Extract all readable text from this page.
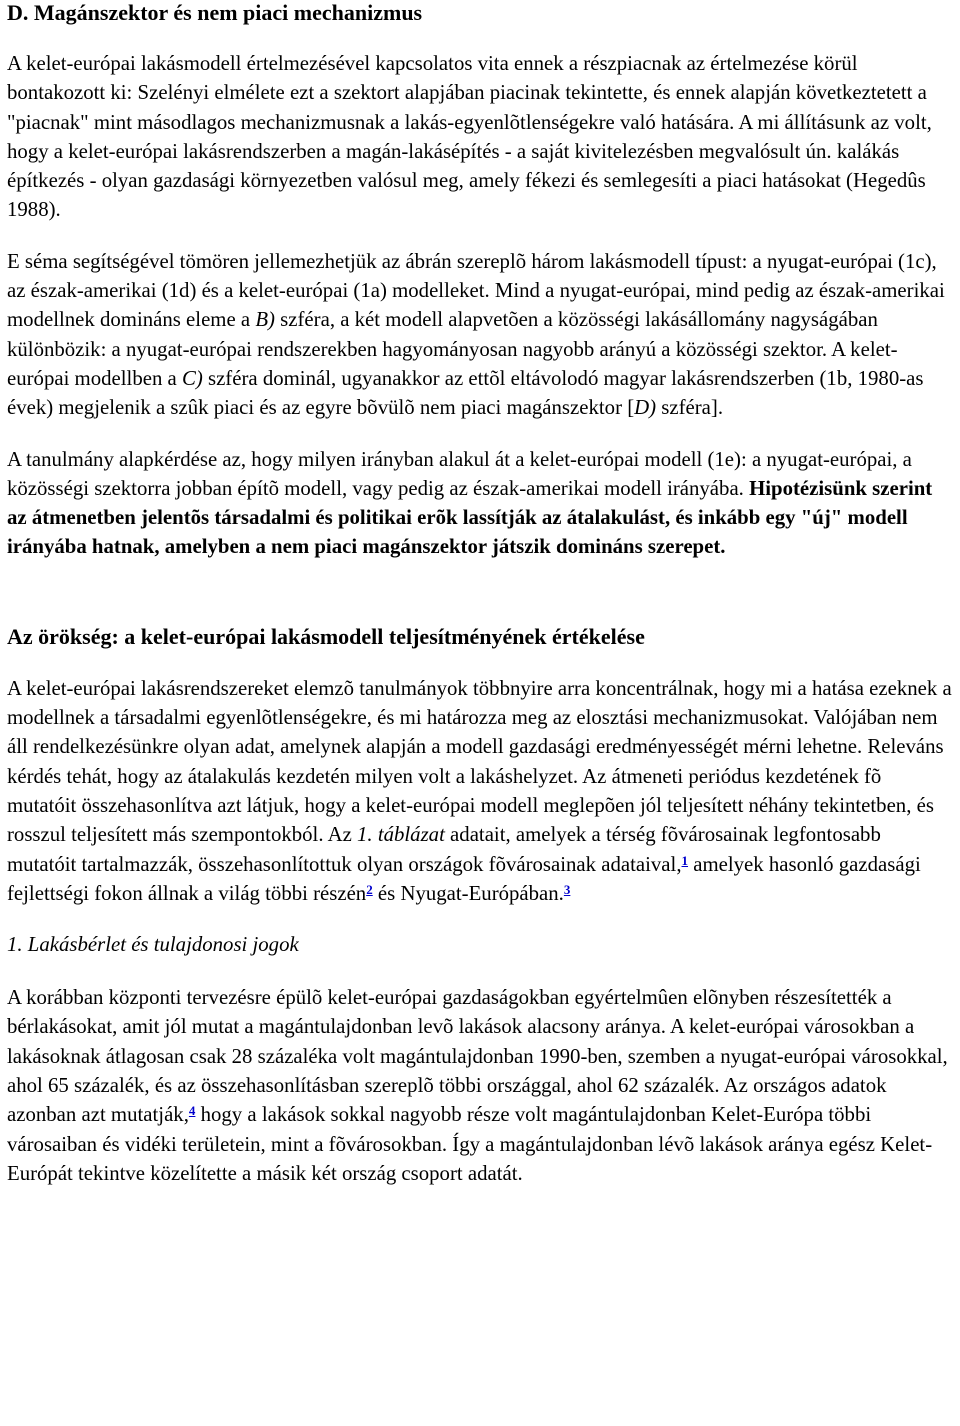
D. Magánszektor és nem piaci mechanizmus

A kelet-európai lakásmodell értelmezésével kapcsolatos vita ennek a részpiacnak az értelmezése körül bontakozott ki: Szelényi elmélete ezt a szektort alapjában piacinak tekintette, és ennek alapján következtetett a "piacnak" mint másodlagos mechanizmusnak a lakás-egyenlõtlenségekre való hatására. A mi állításunk az volt, hogy a kelet-európai lakásrendszerben a magán-lakásépítés - a saját kivitelezésben megvalósult ún. kalákás építkezés - olyan gazdasági környezetben valósul meg, amely fékezi és semlegesíti a piaci hatásokat (Hegedûs 1988).

E séma segítségével tömören jellemezhetjük az ábrán szereplõ három lakásmodell típust: a nyugat-európai (1c), az észak-amerikai (1d) és a kelet-európai (1a) modelleket. Mind a nyugat-európai, mind pedig az észak-amerikai modellnek domináns eleme a B) szféra, a két modell alapvetõen a közösségi lakásállomány nagyságában különbözik: a nyugat-európai rendszerekben hagyományosan nagyobb arányú a közösségi szektor. A kelet-európai modellben a C) szféra dominál, ugyanakkor az ettõl eltávolodó magyar lakásrendszerben (1b, 1980-as évek) megjelenik a szûk piaci és az egyre bõvülõ nem piaci magánszektor [D) szféra].

A tanulmány alapkérdése az, hogy milyen irányban alakul át a kelet-európai modell (1e): a nyugat-európai, a közösségi szektorra jobban építõ modell, vagy pedig az észak-amerikai modell irányába. Hipotézisünk szerint az átmenetben jelentõs társadalmi és politikai erõk lassítják az átalakulást, és inkább egy "új" modell irányába hatnak, amelyben a nem piaci magánszektor játszik domináns szerepet.

Az örökség: a kelet-európai lakásmodell teljesítményének értékelése

A kelet-európai lakásrendszereket elemzõ tanulmányok többnyire arra koncentrálnak, hogy mi a hatása ezeknek a modellnek a társadalmi egyenlõtlenségekre, és mi határozza meg az elosztási mechanizmusokat. Valójában nem áll rendelkezésünkre olyan adat, amelynek alapján a modell gazdasági eredményességét mérni lehetne. Releváns kérdés tehát, hogy az átalakulás kezdetén milyen volt a lakáshelyzet. Az átmeneti periódus kezdetének fõ mutatóit összehasonlítva azt látjuk, hogy a kelet-európai modell meglepõen jól teljesített néhány tekintetben, és rosszul teljesített más szempontokból. Az 1. táblázat adatait, amelyek a térség fõvárosainak legfontosabb mutatóit tartalmazzák, összehasonlítottuk olyan országok fõvárosainak adataival,$^1$ amelyek hasonló gazdasági fejlettségi fokon állnak a világ többi részén$^2$ és Nyugat-Európában.$^3$

1. Lakásbérlet és tulajdonosi jogok

A korábban központi tervezésre épülõ kelet-európai gazdaságokban egyértelmûen elõnyben részesítették a bérlakásokat, amit jól mutat a magántulajdonban levõ lakások alacsony aránya. A kelet-európai városokban a lakásoknak átlagosan csak 28 százaléka volt magántulajdonban 1990-ben, szemben a nyugat-európai városokkal, ahol 65 százalék, és az összehasonlításban szereplõ többi országgal, ahol 62 százalék. Az országos adatok azonban azt mutatják,$^4$ hogy a lakások sokkal nagyobb része volt magántulajdonban Kelet-Európa többi városaiban és vidéki területein, mint a fõvárosokban. Így a magántulajdonban lévõ lakások aránya egész Kelet-Európát tekintve közelítette a másik két ország csoport adatát.
